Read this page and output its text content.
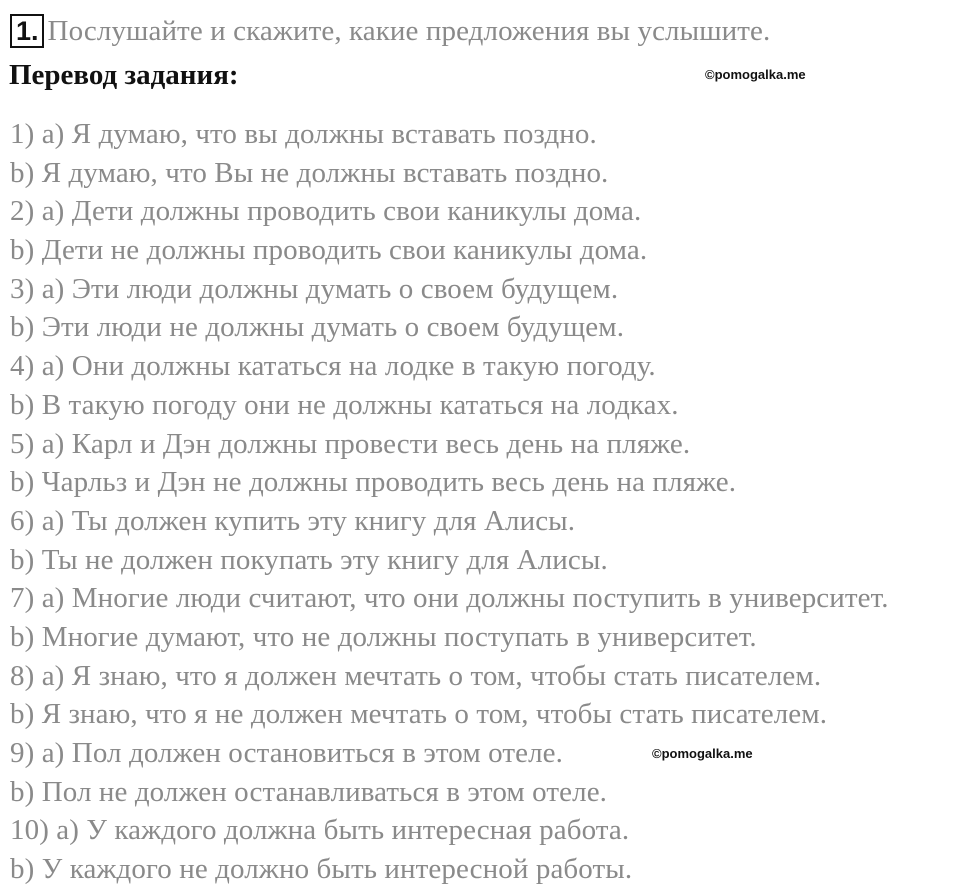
1. Послушайте и скажите, какие предложения вы услышите.
Перевод задания:	©pomogalka.me
©pomogalka.me
1) a) Я думаю, что вы должны вставать поздно.
b) Я думаю, что Вы не должны вставать поздно.
2) a) Дети должны проводить свои каникулы дома.
b) Дети не должны проводить свои каникулы дома.
3) a) Эти люди должны думать о своем будущем.
b) Эти люди не должны думать о своем будущем.
4) a) Они должны кататься на лодке в такую погоду.
b) В такую погоду они не должны кататься на лодках.
5) a) Карл и Дэн должны провести весь день на пляже.
b) Чарльз и Дэн не должны проводить весь день на пляже.
6) a) Ты должен купить эту книгу для Алисы.
b) Ты не должен покупать эту книгу для Алисы.
7) a) Многие люди считают, что они должны поступить в университет.
b) Многие думают, что не должны поступать в университет.
8) a) Я знаю, что я должен мечтать о том, чтобы стать писателем.
b) Я знаю, что я не должен мечтать о том, чтобы стать писателем.
9) a) Пол должен остановиться в этом отеле.
b) Пол не должен останавливаться в этом отеле.
10) a) У каждого должна быть интересная работа.
b) У каждого не должно быть интересной работы.
